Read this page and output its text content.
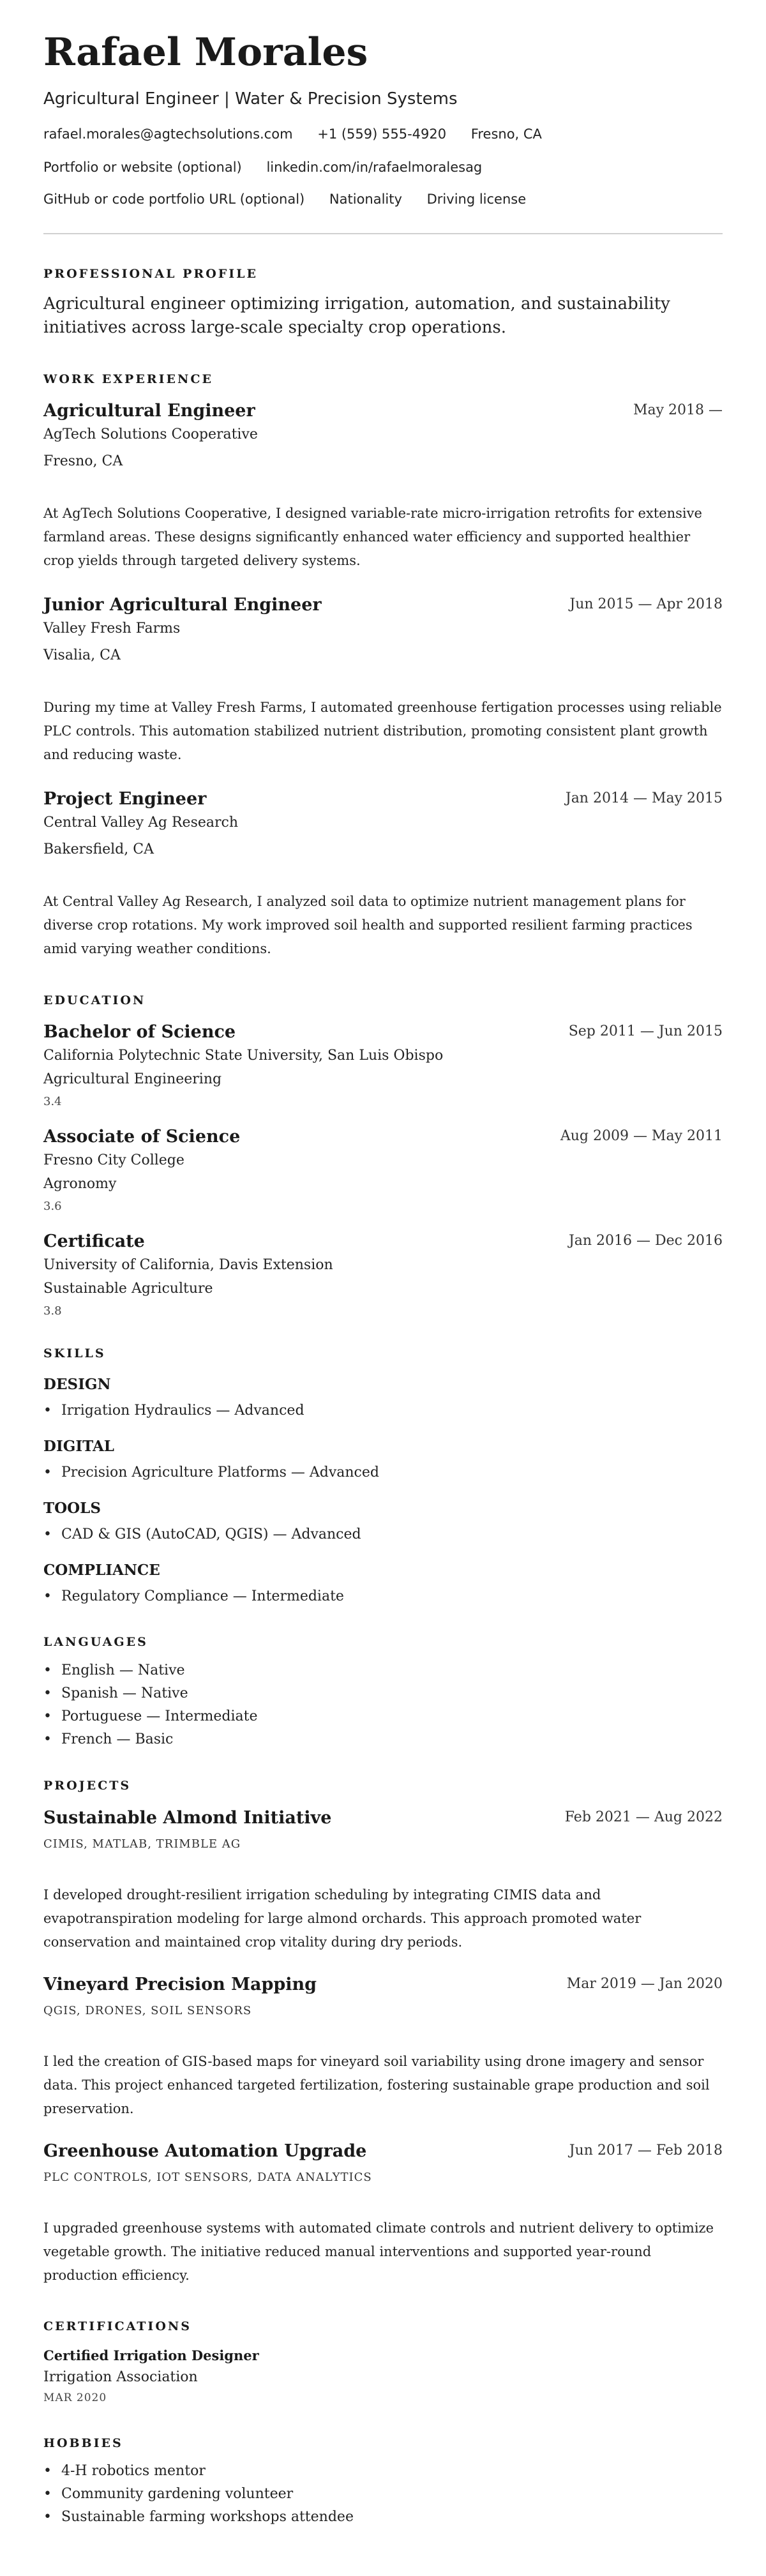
Rafael Morales
Agricultural Engineer | Water & Precision Systems
rafael.morales@agtechsolutions.com +1 (559) 555-4920 Fresno, CA
Portfolio or website (optional) linkedin.com/in/rafaelmoralesag
GitHub or code portfolio URL (optional) Nationality Driving license
PROFESSIONAL PROFILE
Agricultural engineer optimizing irrigation, automation, and sustainability initiatives across large-scale specialty crop operations.
WORK EXPERIENCE
Agricultural Engineer	May 2018 —
AgTech Solutions Cooperative
Fresno, CA
At AgTech Solutions Cooperative, I designed variable-rate micro-irrigation retrofits for extensive farmland areas. These designs significantly enhanced water efficiency and supported healthier crop yields through targeted delivery systems.
Junior Agricultural Engineer	Jun 2015 — Apr 2018
Valley Fresh Farms
Visalia, CA
During my time at Valley Fresh Farms, I automated greenhouse fertigation processes using reliable PLC controls. This automation stabilized nutrient distribution, promoting consistent plant growth and reducing waste.
Project Engineer	Jan 2014 — May 2015
Central Valley Ag Research
Bakersfield, CA
At Central Valley Ag Research, I analyzed soil data to optimize nutrient management plans for diverse crop rotations. My work improved soil health and supported resilient farming practices amid varying weather conditions.
EDUCATION
Bachelor of Science	Sep 2011 — Jun 2015
California Polytechnic State University, San Luis Obispo
Agricultural Engineering
3.4
Associate of Science	Aug 2009 — May 2011
Fresno City College
Agronomy
3.6
Certificate	Jan 2016 — Dec 2016
University of California, Davis Extension
Sustainable Agriculture
3.8
SKILLS
DESIGN
• Irrigation Hydraulics — Advanced
DIGITAL
• Precision Agriculture Platforms — Advanced
TOOLS
• CAD & GIS (AutoCAD, QGIS) — Advanced
COMPLIANCE
• Regulatory Compliance — Intermediate
LANGUAGES
• English — Native
• Spanish — Native
• Portuguese — Intermediate
• French — Basic
PROJECTS
Sustainable Almond Initiative	Feb 2021 — Aug 2022
CIMIS, MATLAB, TRIMBLE AG
I developed drought-resilient irrigation scheduling by integrating CIMIS data and evapotranspiration modeling for large almond orchards. This approach promoted water conservation and maintained crop vitality during dry periods.
Vineyard Precision Mapping	Mar 2019 — Jan 2020
QGIS, DRONES, SOIL SENSORS
I led the creation of GIS-based maps for vineyard soil variability using drone imagery and sensor data. This project enhanced targeted fertilization, fostering sustainable grape production and soil preservation.
Greenhouse Automation Upgrade	Jun 2017 — Feb 2018
PLC CONTROLS, IOT SENSORS, DATA ANALYTICS
I upgraded greenhouse systems with automated climate controls and nutrient delivery to optimize vegetable growth. The initiative reduced manual interventions and supported year-round production efficiency.
CERTIFICATIONS
Certified Irrigation Designer
Irrigation Association
MAR 2020
HOBBIES
• 4-H robotics mentor
• Community gardening volunteer
• Sustainable farming workshops attendee
